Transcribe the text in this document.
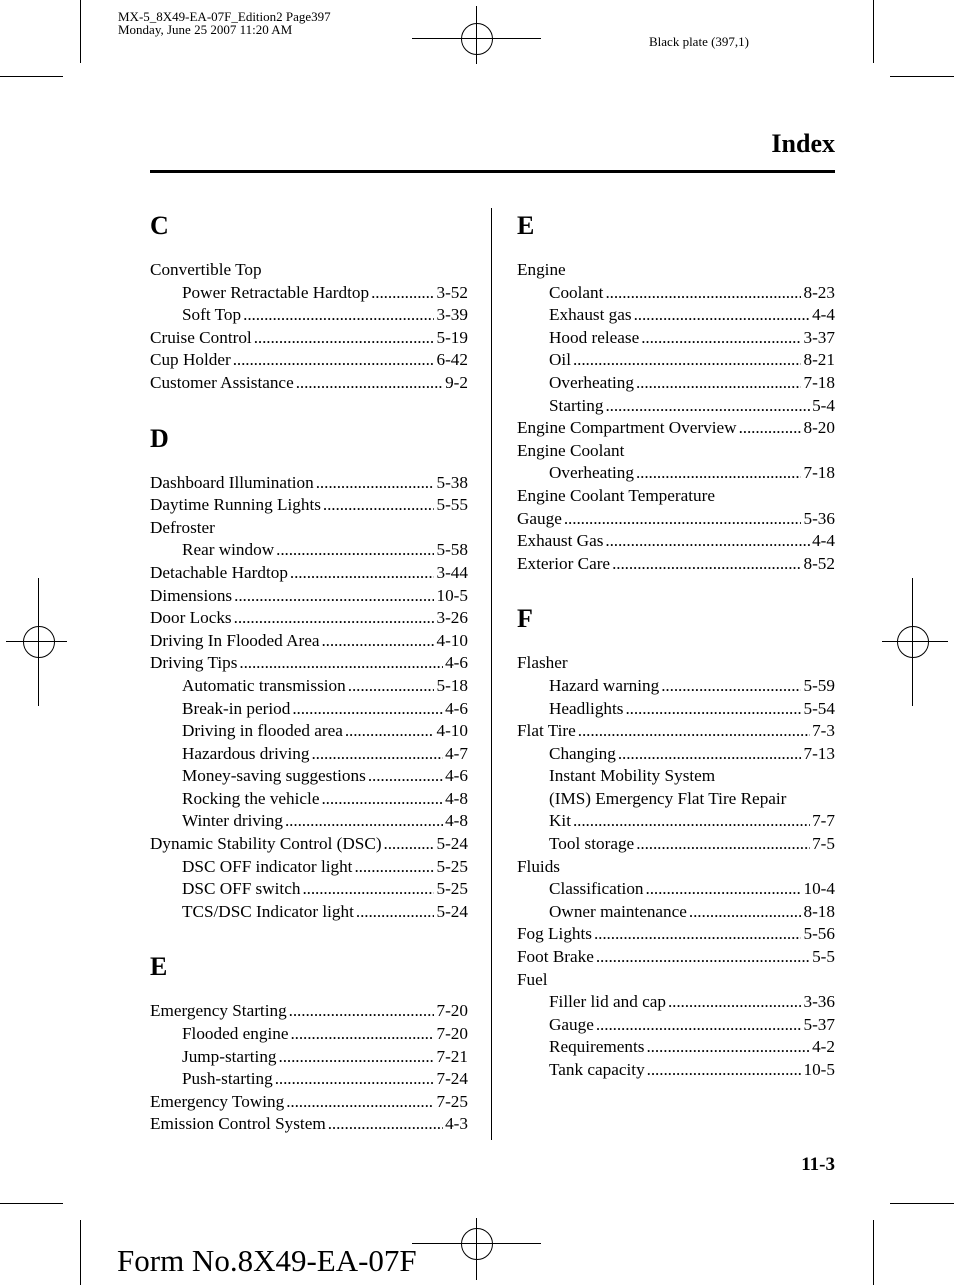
MX-5_8X49-EA-07F_Edition2 Page397
Monday, June 25 2007 11:20 AM
Black plate (397,1)
Index
C
Convertible Top
Power Retractable Hardtop . . .	3-52
Soft Top . . .	3-39
Cruise Control . . .	5-19
Cup Holder . . .	6-42
Customer Assistance . . .	9-2
D
Dashboard Illumination . . .	5-38
Daytime Running Lights . . .	5-55
Defroster
Rear window . . .	5-58
Detachable Hardtop . . .	3-44
Dimensions . . .	10-5
Door Locks . . .	3-26
Driving In Flooded Area . . .	4-10
Driving Tips . . .	4-6
Automatic transmission . . .	5-18
Break-in period . . .	4-6
Driving in flooded area . . .	4-10
Hazardous driving . . .	4-7
Money-saving suggestions . . .	4-6
Rocking the vehicle . . .	4-8
Winter driving . . .	4-8
Dynamic Stability Control (DSC) . . .	5-24
DSC OFF indicator light . . .	5-25
DSC OFF switch . . .	5-25
TCS/DSC Indicator light . . .	5-24
E
Emergency Starting . . .	7-20
Flooded engine . . .	7-20
Jump-starting . . .	7-21
Push-starting . . .	7-24
Emergency Towing . . .	7-25
Emission Control System . . .	4-3
E
Engine
Coolant . . .	8-23
Exhaust gas . . .	4-4
Hood release . . .	3-37
Oil . . .	8-21
Overheating . . .	7-18
Starting . . .	5-4
Engine Compartment Overview . . .	8-20
Engine Coolant
Overheating . . .	7-18
Engine Coolant Temperature
Gauge . . .	5-36
Exhaust Gas . . .	4-4
Exterior Care . . .	8-52
F
Flasher
Hazard warning . . .	5-59
Headlights . . .	5-54
Flat Tire . . .	7-3
Changing . . .	7-13
Instant Mobility System
(IMS) Emergency Flat Tire Repair
Kit . . .	7-7
Tool storage . . .	7-5
Fluids
Classification . . .	10-4
Owner maintenance . . .	8-18
Fog Lights . . .	5-56
Foot Brake . . .	5-5
Fuel
Filler lid and cap . . .	3-36
Gauge . . .	5-37
Requirements . . .	4-2
Tank capacity . . .	10-5
11-3
Form No.8X49-EA-07F
